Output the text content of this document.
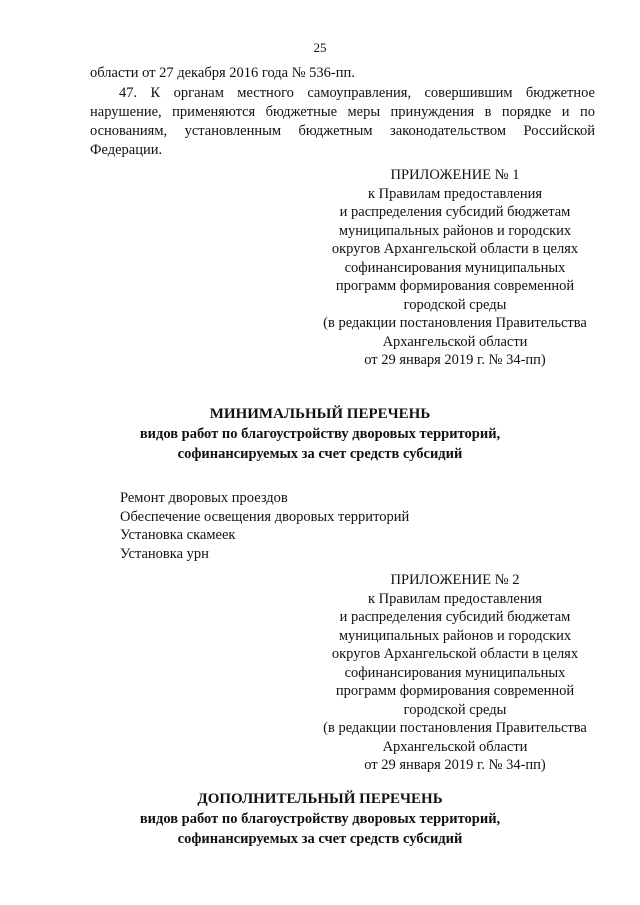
25
области от 27 декабря 2016 года № 536-пп.
47. К органам местного самоуправления, совершившим бюджетное нарушение, применяются бюджетные меры принуждения в порядке и по основаниям, установленным бюджетным законодательством Российской Федерации.
ПРИЛОЖЕНИЕ № 1
к Правилам предоставления
и распределения субсидий бюджетам
муниципальных районов и городских
округов Архангельской области в целях
софинансирования муниципальных
программ формирования современной
городской среды
(в редакции постановления Правительства
Архангельской области
от 29 января 2019 г. № 34-пп)
МИНИМАЛЬНЫЙ ПЕРЕЧЕНЬ
видов работ по благоустройству дворовых территорий,
софинансируемых за счет средств субсидий
Ремонт дворовых проездов
Обеспечение освещения дворовых территорий
Установка скамеек
Установка урн
ПРИЛОЖЕНИЕ № 2
к Правилам предоставления
и распределения субсидий бюджетам
муниципальных районов и городских
округов Архангельской области в целях
софинансирования муниципальных
программ формирования современной
городской среды
(в редакции постановления Правительства
Архангельской области
от 29 января 2019 г. № 34-пп)
ДОПОЛНИТЕЛЬНЫЙ ПЕРЕЧЕНЬ
видов работ по благоустройству дворовых территорий,
софинансируемых за счет средств субсидий
